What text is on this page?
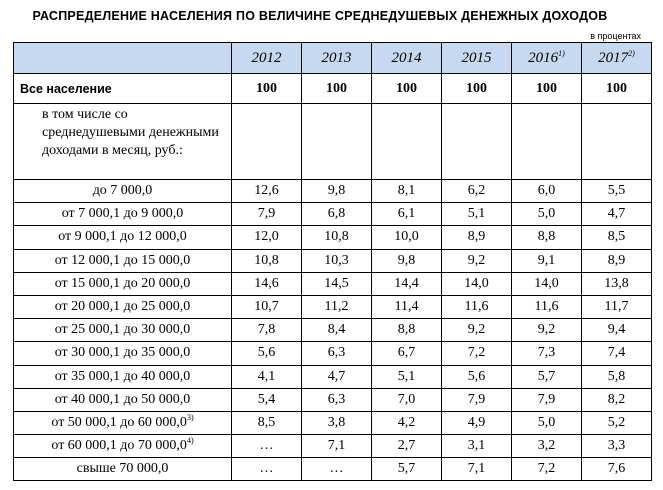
РАСПРЕДЕЛЕНИЕ НАСЕЛЕНИЯ ПО ВЕЛИЧИНЕ СРЕДНЕДУШЕВЫХ ДЕНЕЖНЫХ ДОХОДОВ
в процентах
	2012	2013	2014	2015	2016$^{1)}$	2017$^{2)}$
Все население	100	100	100	100	100	100
в том числе со среднедушевыми денежными доходами в месяц, руб.:						
до 7 000,0	12,6	9,8	8,1	6,2	6,0	5,5
от 7 000,1 до 9 000,0	7,9	6,8	6,1	5,1	5,0	4,7
от 9 000,1 до 12 000,0	12,0	10,8	10,0	8,9	8,8	8,5
от 12 000,1 до 15 000,0	10,8	10,3	9,8	9,2	9,1	8,9
от 15 000,1 до 20 000,0	14,6	14,5	14,4	14,0	14,0	13,8
от 20 000,1 до 25 000,0	10,7	11,2	11,4	11,6	11,6	11,7
от 25 000,1 до 30 000,0	7,8	8,4	8,8	9,2	9,2	9,4
от 30 000,1 до 35 000,0	5,6	6,3	6,7	7,2	7,3	7,4
от 35 000,1 до 40 000,0	4,1	4,7	5,1	5,6	5,7	5,8
от 40 000,1 до 50 000,0	5,4	6,3	7,0	7,9	7,9	8,2
от 50 000,1 до 60 000,0$^{3)}$	8,5	3,8	4,2	4,9	5,0	5,2
от 60 000,1 до 70 000,0$^{4)}$	…	7,1	2,7	3,1	3,2	3,3
свыше 70 000,0	…	…	5,7	7,1	7,2	7,6
